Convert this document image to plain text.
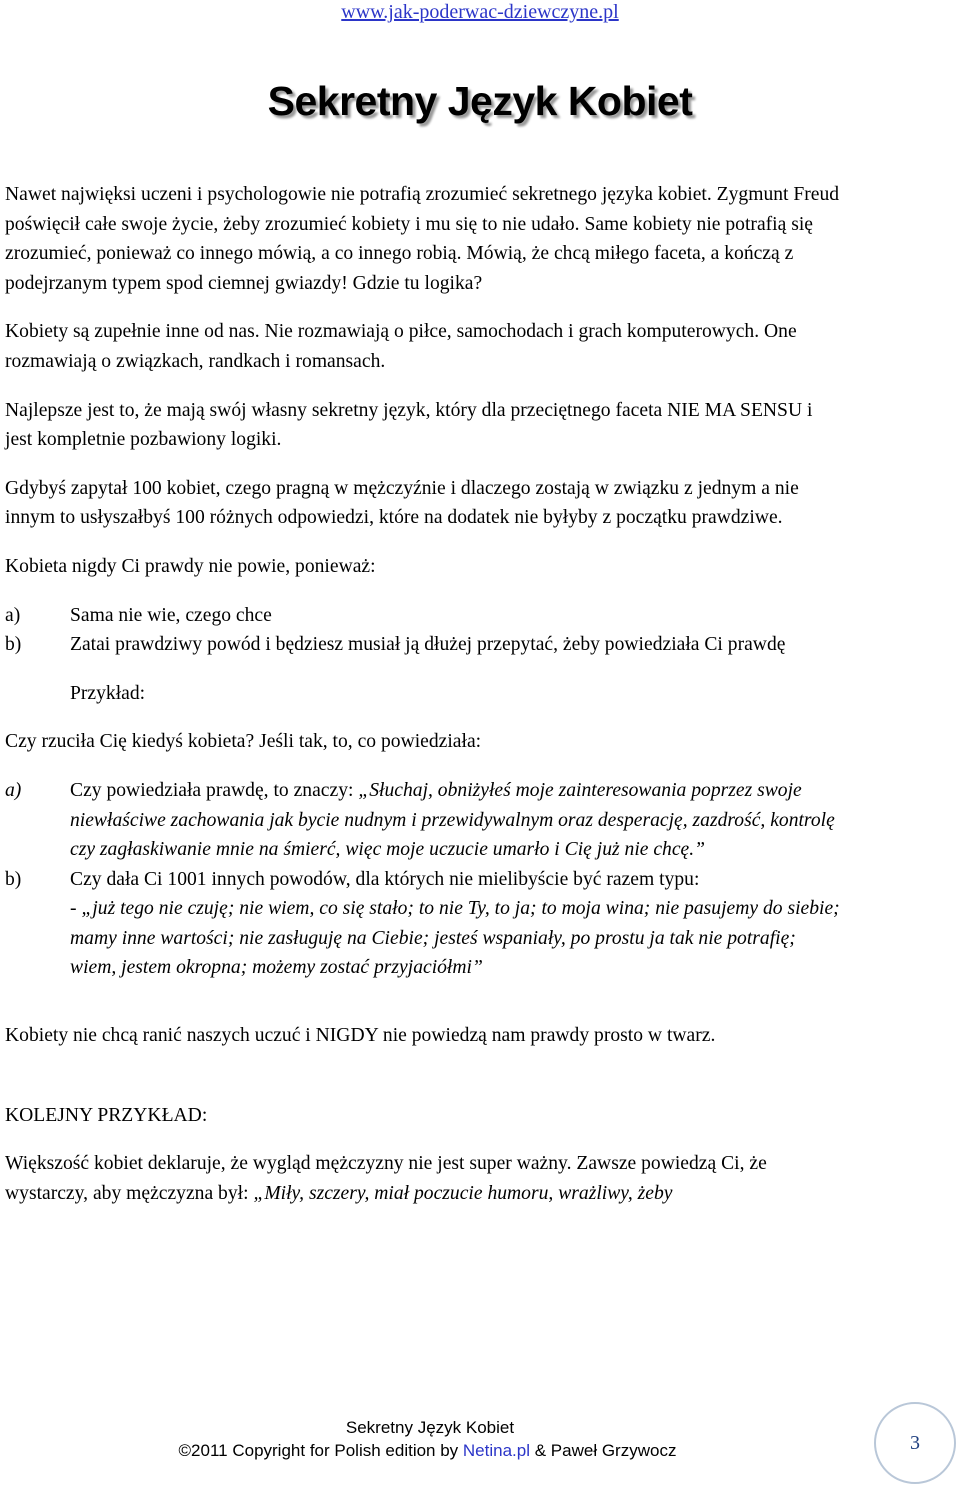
www.jak-poderwac-dziewczyne.pl
Sekretny Język Kobiet

Nawet najwięksi uczeni i psychologowie nie potrafią zrozumieć sekretnego języka kobiet. Zygmunt Freud poświęcił całe swoje życie, żeby zrozumieć kobiety i mu się to nie udało. Same kobiety nie potrafią się zrozumieć, ponieważ co innego mówią, a co innego robią. Mówią, że chcą miłego faceta, a kończą z podejrzanym typem spod ciemnej gwiazdy! Gdzie tu logika?

Kobiety są zupełnie inne od nas. Nie rozmawiają o piłce, samochodach i grach komputerowych. One rozmawiają o związkach, randkach i romansach.

Najlepsze jest to, że mają swój własny sekretny język, który dla przeciętnego faceta NIE MA SENSU i jest kompletnie pozbawiony logiki.

Gdybyś zapytał 100 kobiet, czego pragną w mężczyźnie i dlaczego zostają w związku z jednym a nie innym to usłyszałbyś 100 różnych odpowiedzi, które na dodatek nie byłyby z początku prawdziwe.

Kobieta nigdy Ci prawdy nie powie, ponieważ:

a)	Sama nie wie, czego chce
b)	Zatai prawdziwy powód i będziesz musiał ją dłużej przepytać, żeby powiedziała Ci prawdę

Przykład:

Czy rzuciła Cię kiedyś kobieta? Jeśli tak, to, co powiedziała:

a)	Czy powiedziała prawdę, to znaczy: „Słuchaj, obniżyłeś moje zainteresowania poprzez swoje niewłaściwe zachowania jak bycie nudnym i przewidywalnym oraz desperację, zazdrość, kontrolę czy zagłaskiwanie mnie na śmierć, więc moje uczucie umarło i Cię już nie chcę.”
b)	Czy dała Ci 1001 innych powodów, dla których nie mielibyście być razem typu:
- „już tego nie czuję; nie wiem, co się stało; to nie Ty, to ja; to moja wina; nie pasujemy do siebie; mamy inne wartości; nie zasługuję na Ciebie; jesteś wspaniały, po prostu ja tak nie potrafię; wiem, jestem okropna; możemy zostać przyjaciółmi”

Kobiety nie chcą ranić naszych uczuć i NIGDY nie powiedzą nam prawdy prosto w twarz.

KOLEJNY PRZYKŁAD:

Większość kobiet deklaruje, że wygląd mężczyzny nie jest super ważny. Zawsze powiedzą Ci, że wystarczy, aby mężczyzna był: „Miły, szczery, miał poczucie humoru, wrażliwy, żeby

Sekretny Język Kobiet
©2011 Copyright for Polish edition by Netina.pl & Paweł Grzywocz	3
